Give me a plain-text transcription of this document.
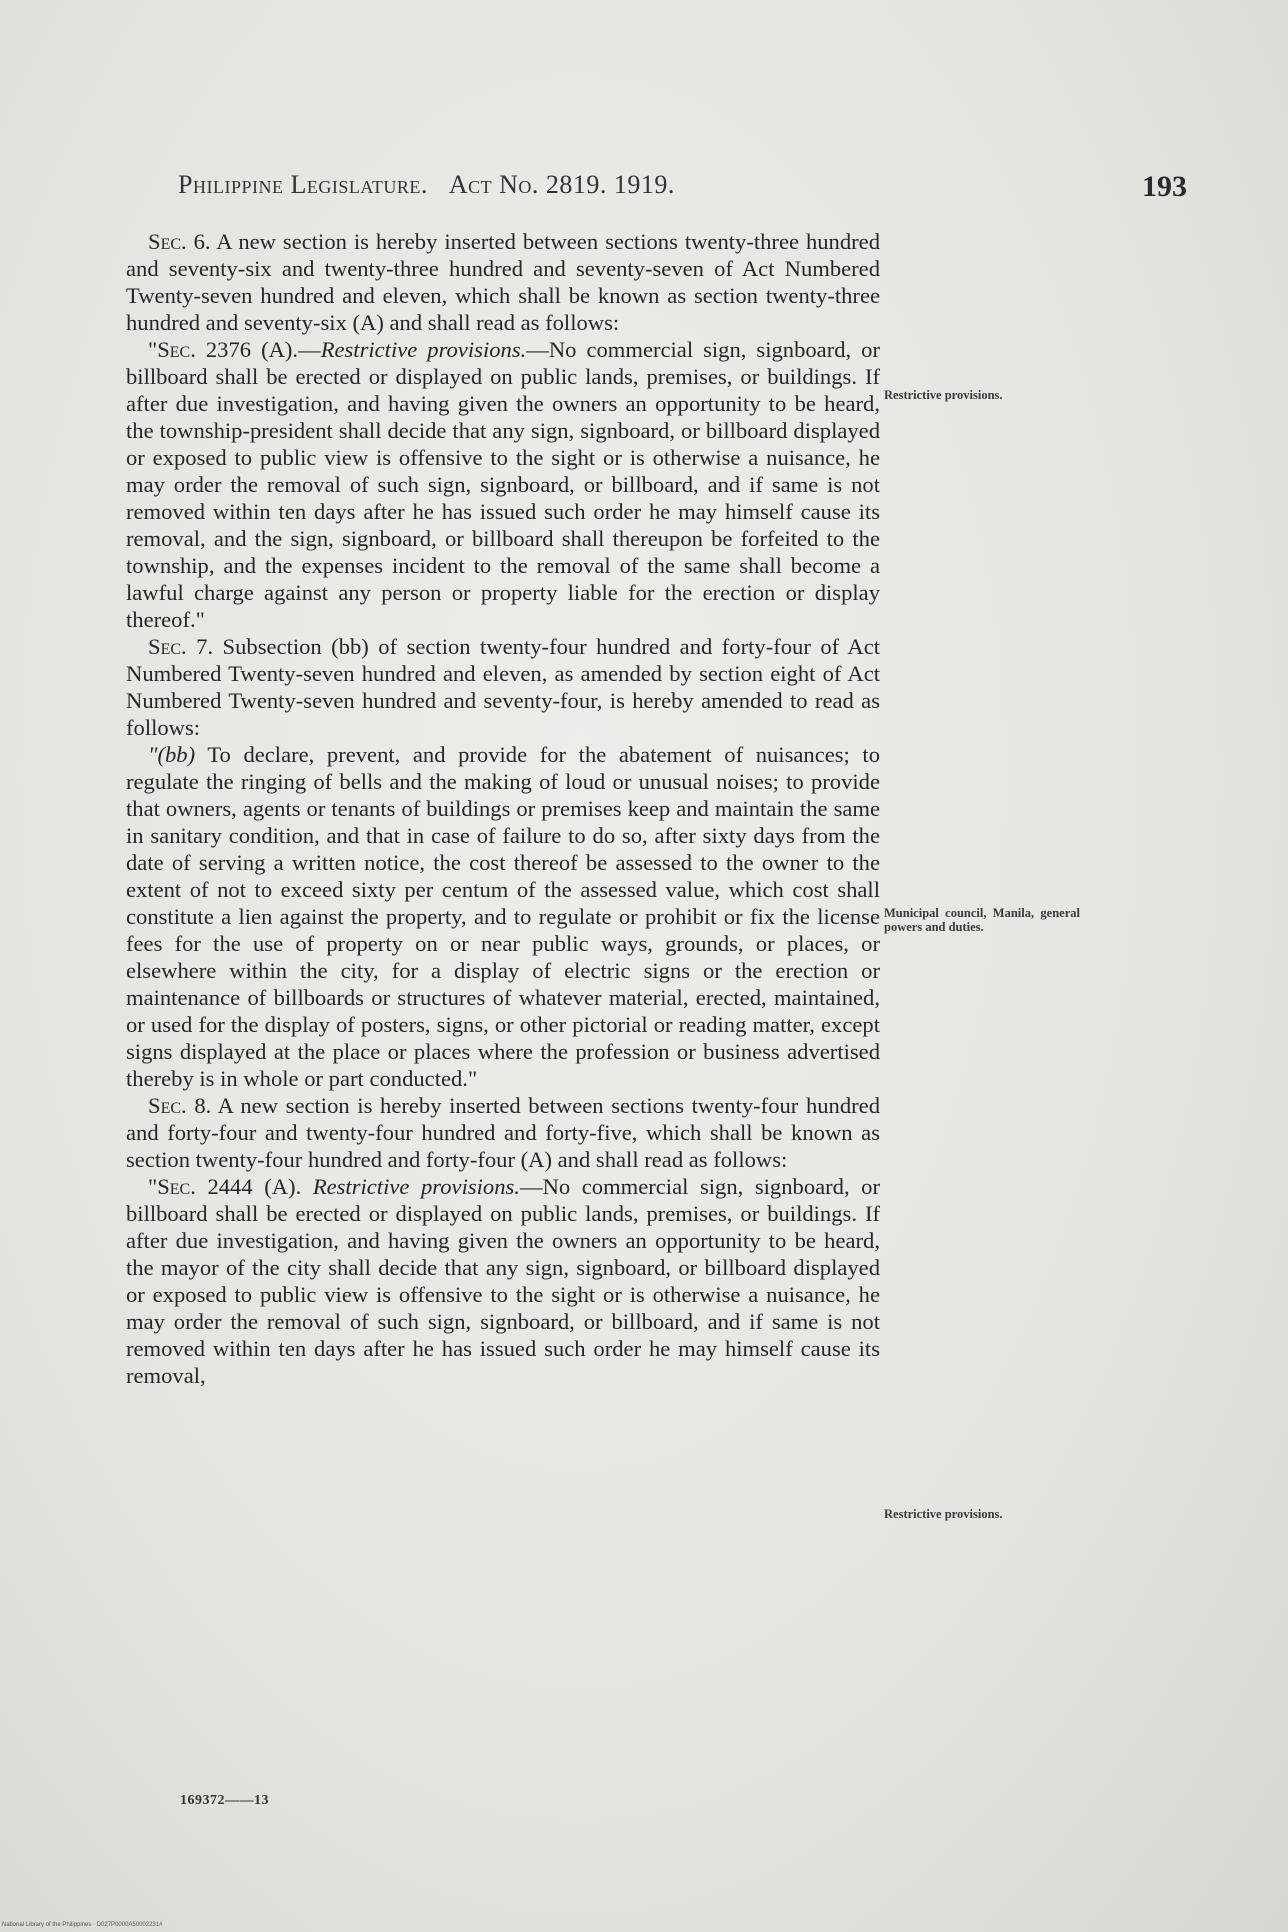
Philippine Legislature. Act No. 2819. 1919.	193

Sec. 6. A new section is hereby inserted between sections twenty-three hundred and seventy-six and twenty-three hundred and seventy-seven of Act Numbered Twenty-seven hundred and eleven, which shall be known as section twenty-three hundred and seventy-six (A) and shall read as follows:

"Sec. 2376 (A).—Restrictive provisions.—No commercial sign, signboard, or billboard shall be erected or displayed on public lands, premises, or buildings. If after due investigation, and having given the owners an opportunity to be heard, the township-president shall decide that any sign, signboard, or billboard displayed or exposed to public view is offensive to the sight or is otherwise a nuisance, he may order the removal of such sign, signboard, or billboard, and if same is not removed within ten days after he has issued such order he may himself cause its removal, and the sign, signboard, or billboard shall thereupon be forfeited to the township, and the expenses incident to the removal of the same shall become a lawful charge against any person or property liable for the erection or display thereof."

Sec. 7. Subsection (bb) of section twenty-four hundred and forty-four of Act Numbered Twenty-seven hundred and eleven, as amended by section eight of Act Numbered Twenty-seven hundred and seventy-four, is hereby amended to read as follows:

"(bb) To declare, prevent, and provide for the abatement of nuisances; to regulate the ringing of bells and the making of loud or unusual noises; to provide that owners, agents or tenants of buildings or premises keep and maintain the same in sanitary condition, and that in case of failure to do so, after sixty days from the date of serving a written notice, the cost thereof be assessed to the owner to the extent of not to exceed sixty per centum of the assessed value, which cost shall constitute a lien against the property, and to regulate or prohibit or fix the license fees for the use of property on or near public ways, grounds, or places, or elsewhere within the city, for a display of electric signs or the erection or maintenance of billboards or structures of whatever material, erected, maintained, or used for the display of posters, signs, or other pictorial or reading matter, except signs displayed at the place or places where the profession or business advertised thereby is in whole or part conducted."

Sec. 8. A new section is hereby inserted between sections twenty-four hundred and forty-four and twenty-four hundred and forty-five, which shall be known as section twenty-four hundred and forty-four (A) and shall read as follows:

"Sec. 2444 (A). Restrictive provisions.—No commercial sign, signboard, or billboard shall be erected or displayed on public lands, premises, or buildings. If after due investigation, and having given the owners an opportunity to be heard, the mayor of the city shall decide that any sign, signboard, or billboard displayed or exposed to public view is offensive to the sight or is otherwise a nuisance, he may order the removal of such sign, signboard, or billboard, and if same is not removed within ten days after he has issued such order he may himself cause its removal,

Restrictive provisions.
Municipal council, Manila, general powers and duties.
Restrictive provisions.
169372——13
National Library of the Philippines · D027P0000A50002231#
